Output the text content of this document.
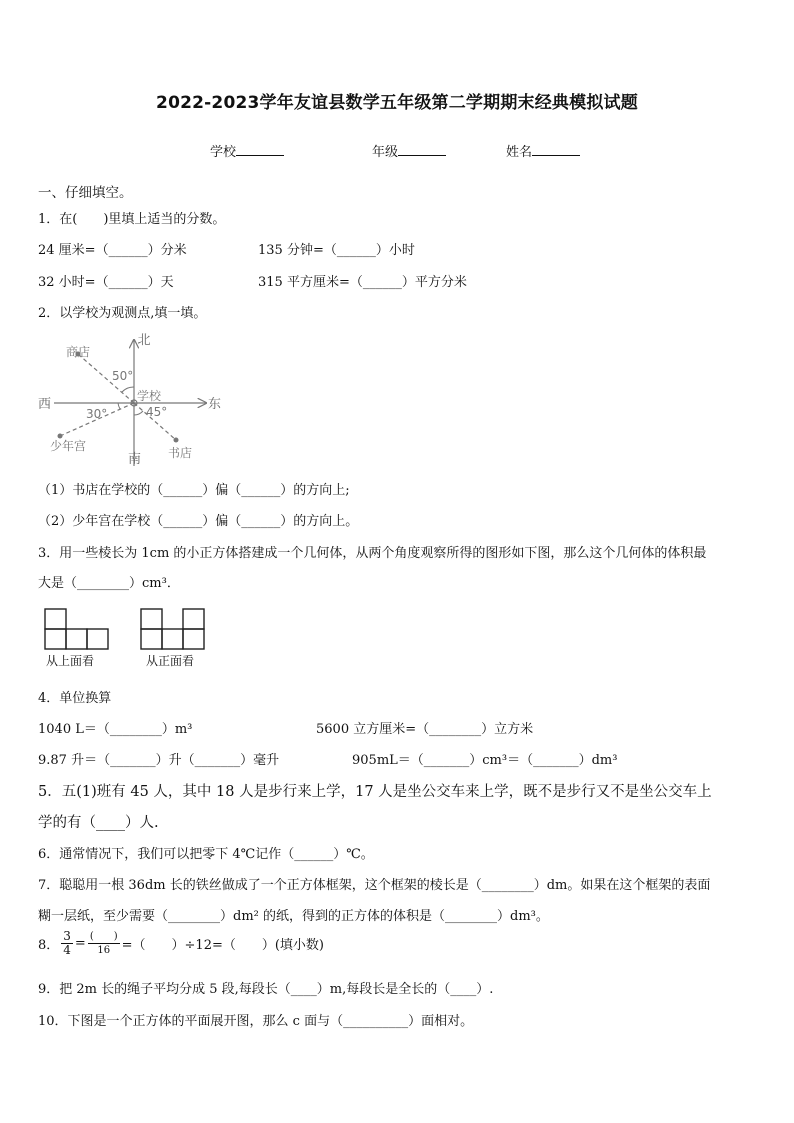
2022-2023学年友谊县数学五年级第二学期期末经典模拟试题
学校	年级	姓名
一、仔细填空。
1．在(　　)里填上适当的分数。
24 厘米=（______）分米	135 分钟=（______）小时
32 小时=（______）天	315 平方厘米=（______）平方分米
2．以学校为观测点,填一填。
北
南
东
西
学校
商店
少年宫	书店
50°
30°	45°
（1）书店在学校的（______）偏（______）的方向上;
（2）少年宫在学校（______）偏（______）的方向上。
3．用一些棱长为 1cm 的小正方体搭建成一个几何体，从两个角度观察所得的图形如下图，那么这个几何体的体积最
大是（________）cm³．
从上面看	从正面看
4．单位换算
1040 L＝（________）m³	5600 立方厘米=（________）立方米
9.87 升＝（_______）升（_______）毫升	905mL＝（_______）cm³＝（_______）dm³
5．五(1)班有 45 人，其中 18 人是步行来上学，17 人是坐公交车来上学，既不是步行又不是坐公交车上
学的有（____）人.
6．通常情况下，我们可以把零下 4℃记作（______）℃。
7．聪聪用一根 36dm 长的铁丝做成了一个正方体框架，这个框架的棱长是（________）dm。如果在这个框架的表面
糊一层纸，至少需要（________）dm² 的纸，得到的正方体的体积是（________）dm³。
8． $\frac{3}{4} = \frac{( )}{16}$ =（　　）÷12=（　　）(填小数)
9．把 2m 长的绳子平均分成 5 段,每段长（____）m,每段长是全长的（____）.
10．下图是一个正方体的平面展开图，那么 c 面与（__________）面相对。
